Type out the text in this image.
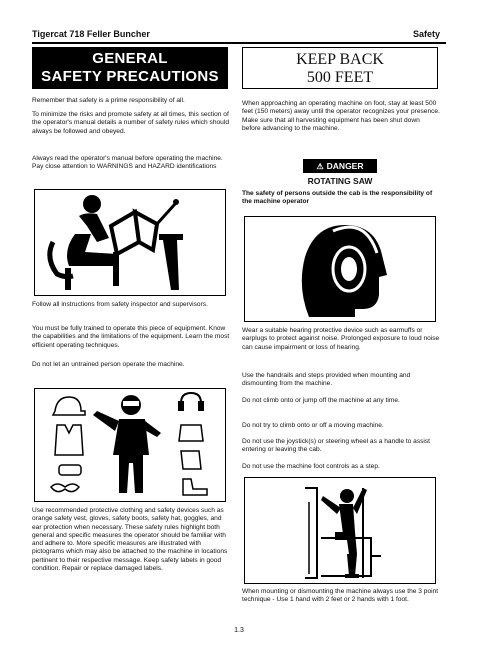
Tigercat 718 Feller Buncher	Safety
GENERAL
SAFETY PRECAUTIONS
KEEP BACK
500 FEET
Remember that safety is a prime responsibility of all.
To minimize the risks and promote safety at all times, this section of the operator's manual details a number of safety rules which should always be followed and obeyed.
Always read the operator's manual before operating the machine. Pay close attention to WARNINGS and HAZARD identifications
Follow all instructions from safety inspector and supervisors.
You must be fully trained to operate this piece of equipment. Know the capabilities and the limitations of the equipment. Learn the most efficient operating techniques.
Do not let an untrained person operate the machine.
Use recommended protective clothing and safety devices such as orange safety vest, gloves, safety boots, safety hat, goggles, and ear protection when necessary. These safety rules highlight both general and specific measures the operator should be familiar with and adhere to. More specific measures are illustrated with pictograms which may also be attached to the machine in locations pertinent to their respective message. Keep safety labels in good condition. Repair or replace damaged labels.
When approaching an operating machine on foot, stay at least 500 feet (150 meters) away until the operator recognizes your presence. Make sure that all harvesting equipment has been shut down before advancing to the machine.
⚠ DANGER
ROTATING SAW
The safety of persons outside the cab is the responsibility of the machine operator
Wear a suitable hearing protective device such as earmuffs or earplugs to protect against noise. Prolonged exposure to loud noise can cause impairment or loss of hearing.
Use the handrails and steps provided when mounting and dismounting from the machine.
Do not climb onto or jump off the machine at any time.
Do not try to climb onto or off a moving machine.
Do not use the joystick(s) or steering wheel as a handle to assist entering or leaving the cab.
Do not use the machine foot controls as a step.
When mounting or dismounting the machine always use the 3 point technique - Use 1 hand with 2 feet or 2 hands with 1 foot.
1.3
